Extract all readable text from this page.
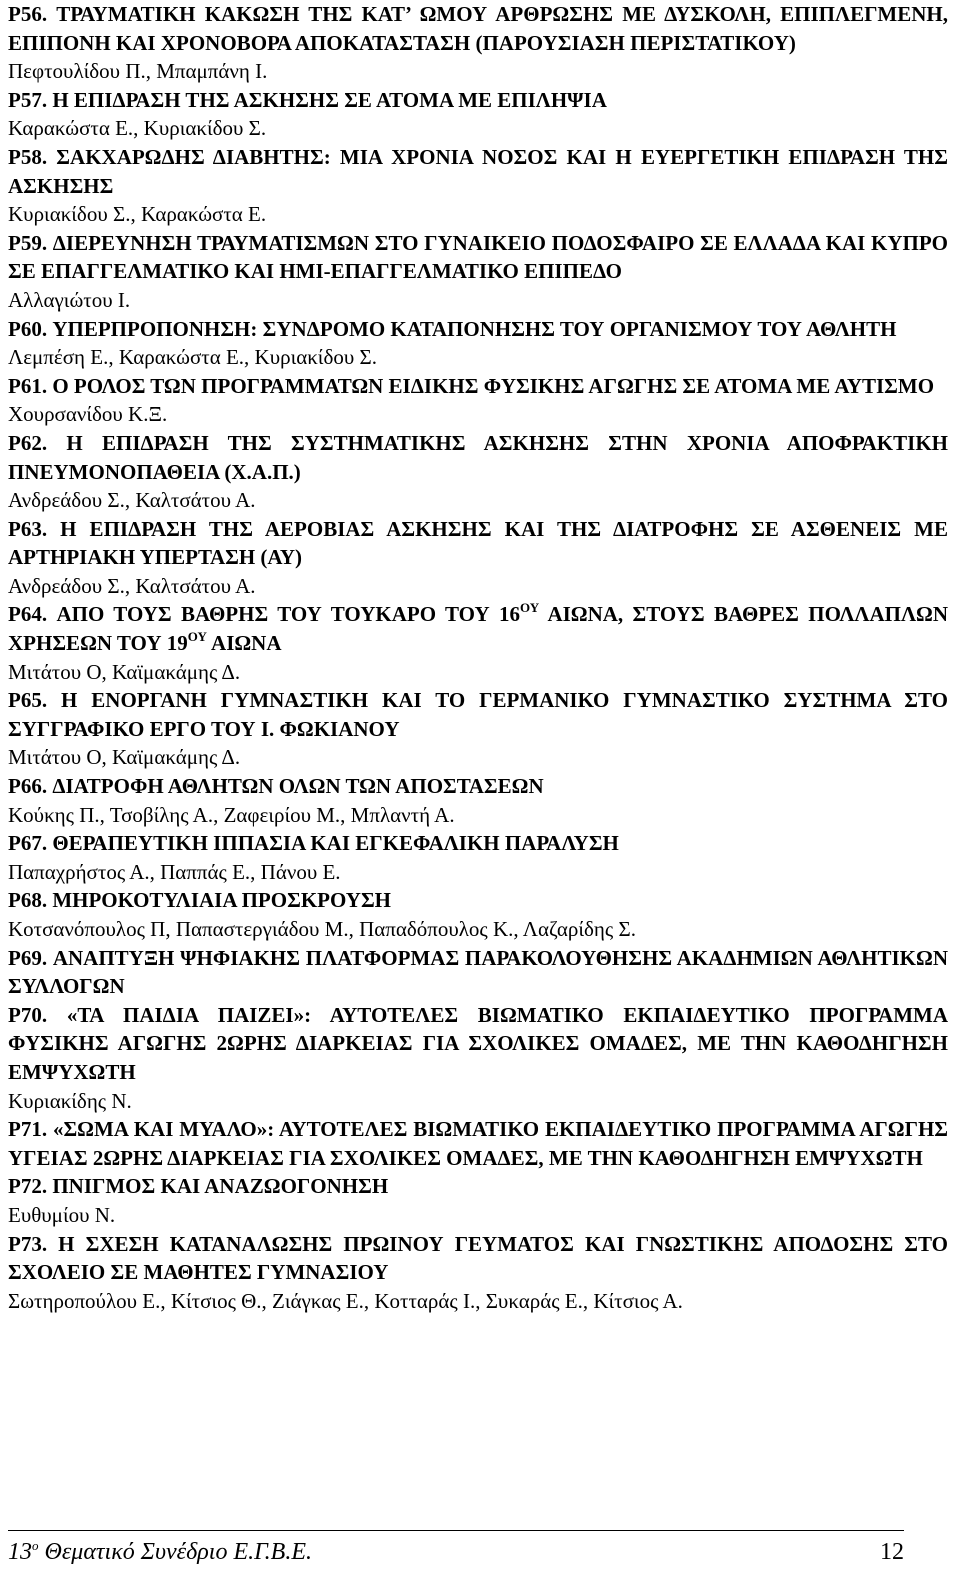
P56. ΤΡΑΥΜΑΤΙΚΗ ΚΑΚΩΣΗ ΤΗΣ ΚΑΤ’ ΩΜΟΥ ΑΡΘΡΩΣΗΣ ΜΕ ΔΥΣΚΟΛΗ, ΕΠΙΠΛΕΓΜΕΝΗ, ΕΠΙΠΟΝΗ ΚΑΙ ΧΡΟΝΟΒΟΡΑ ΑΠΟΚΑΤΑΣΤΑΣΗ (ΠΑΡΟΥΣΙΑΣΗ ΠΕΡΙΣΤΑΤΙΚΟΥ)

Πεφτουλίδου Π., Μπαμπάνη Ι.

P57. Η ΕΠΙΔΡΑΣΗ ΤΗΣ ΑΣΚΗΣΗΣ ΣΕ ΑΤΟΜΑ ΜΕ ΕΠΙΛΗΨΙΑ

Καρακώστα Ε., Κυριακίδου Σ.

P58. ΣΑΚΧΑΡΩΔΗΣ ΔΙΑΒΗΤΗΣ: ΜΙΑ ΧΡΟΝΙΑ ΝΟΣΟΣ ΚΑΙ Η ΕΥΕΡΓΕΤΙΚΗ ΕΠΙΔΡΑΣΗ ΤΗΣ ΑΣΚΗΣΗΣ

Κυριακίδου Σ., Καρακώστα Ε.

P59. ΔΙΕΡΕΥΝΗΣΗ ΤΡΑΥΜΑΤΙΣΜΩΝ ΣΤΟ ΓΥΝΑΙΚΕΙΟ ΠΟΔΟΣΦΑΙΡΟ ΣΕ ΕΛΛΑΔΑ ΚΑΙ ΚΥΠΡΟ ΣΕ ΕΠΑΓΓΕΛΜΑΤΙΚΟ ΚΑΙ ΗΜΙ-ΕΠΑΓΓΕΛΜΑΤΙΚΟ ΕΠΙΠΕΔΟ

Αλλαγιώτου Ι.

P60. ΥΠΕΡΠΡΟΠΟΝΗΣΗ: ΣΥΝΔΡΟΜΟ ΚΑΤΑΠΟΝΗΣΗΣ ΤΟΥ ΟΡΓΑΝΙΣΜΟΥ ΤΟΥ ΑΘΛΗΤΗ

Λεμπέση Ε., Καρακώστα Ε., Κυριακίδου Σ.

P61. Ο ΡΟΛΟΣ ΤΩΝ ΠΡΟΓΡΑΜΜΑΤΩΝ ΕΙΔΙΚΗΣ ΦΥΣΙΚΗΣ ΑΓΩΓΗΣ ΣΕ ΑΤΟΜΑ ΜΕ ΑΥΤΙΣΜΟ

Χουρσανίδου Κ.Ξ.

P62. Η ΕΠΙΔΡΑΣΗ ΤΗΣ ΣΥΣΤΗΜΑΤΙΚΗΣ ΑΣΚΗΣΗΣ ΣΤΗΝ ΧΡΟΝΙΑ ΑΠΟΦΡΑΚΤΙΚΗ ΠΝΕΥΜΟΝΟΠΑΘΕΙΑ (Χ.Α.Π.)

Ανδρεάδου Σ., Καλτσάτου Α.

P63. Η ΕΠΙΔΡΑΣΗ ΤΗΣ ΑΕΡΟΒΙΑΣ ΑΣΚΗΣΗΣ ΚΑΙ ΤΗΣ ΔΙΑΤΡΟΦΗΣ ΣΕ ΑΣΘΕΝΕΙΣ ΜΕ ΑΡΤΗΡΙΑΚΗ ΥΠΕΡΤΑΣΗ (ΑΥ)

Ανδρεάδου Σ., Καλτσάτου Α.

P64. ΑΠΟ ΤΟΥΣ ΒΑΘΡΗΣ ΤΟΥ ΤΟΥΚΑΡΟ ΤΟΥ $16^{O\Upsilon}$ ΑΙΩΝΑ, ΣΤΟΥΣ ΒΑΘΡΕΣ ΠΟΛΛΑΠΛΩΝ ΧΡΗΣΕΩΝ ΤΟΥ $19^{O\Upsilon}$ ΑΙΩΝΑ

Μιτάτου Ο, Καϊμακάμης Δ.

P65. Η ΕΝΟΡΓΑΝΗ ΓΥΜΝΑΣΤΙΚΗ ΚΑΙ ΤΟ ΓΕΡΜΑΝΙΚΟ ΓΥΜΝΑΣΤΙΚΟ ΣΥΣΤΗΜΑ ΣΤΟ ΣΥΓΓΡΑΦΙΚΟ ΕΡΓΟ ΤΟΥ Ι. ΦΩΚΙΑΝΟΥ

Μιτάτου Ο, Καϊμακάμης Δ.

P66. ΔΙΑΤΡΟΦΗ ΑΘΛΗΤΩΝ ΟΛΩΝ ΤΩΝ ΑΠΟΣΤΑΣΕΩΝ

Κούκης Π., Τσοβίλης Α., Ζαφειρίου Μ., Μπλαντή Α.

P67. ΘΕΡΑΠΕΥΤΙΚΗ ΙΠΠΑΣΙΑ ΚΑΙ ΕΓΚΕΦΑΛΙΚΗ ΠΑΡΑΛΥΣΗ

Παπαχρήστος Α., Παππάς Ε., Πάνου Ε.

P68. ΜΗΡΟΚΟΤΥΛΙΑΙΑ ΠΡΟΣΚΡΟΥΣΗ

Κοτσανόπουλος Π, Παπαστεργιάδου Μ., Παπαδόπουλος Κ., Λαζαρίδης Σ.

P69. ΑΝΑΠΤΥΞΗ ΨΗΦΙΑΚΗΣ ΠΛΑΤΦΟΡΜΑΣ ΠΑΡΑΚΟΛΟΥΘΗΣΗΣ ΑΚΑΔΗΜΙΩΝ ΑΘΛΗΤΙΚΩΝ ΣΥΛΛΟΓΩΝ

P70. «ΤΑ ΠΑΙΔΙΑ ΠΑΙΖΕΙ»: ΑΥΤΟΤΕΛΕΣ ΒΙΩΜΑΤΙΚΟ ΕΚΠΑΙΔΕΥΤΙΚΟ ΠΡΟΓΡΑΜΜΑ ΦΥΣΙΚΗΣ ΑΓΩΓΗΣ 2ΩΡΗΣ ΔΙΑΡΚΕΙΑΣ ΓΙΑ ΣΧΟΛΙΚΕΣ ΟΜΑΔΕΣ, ΜΕ ΤΗΝ ΚΑΘΟΔΗΓΗΣΗ ΕΜΨΥΧΩΤΗ

Κυριακίδης Ν.

P71. «ΣΩΜΑ ΚΑΙ ΜΥΑΛΟ»: ΑΥΤΟΤΕΛΕΣ ΒΙΩΜΑΤΙΚΟ ΕΚΠΑΙΔΕΥΤΙΚΟ ΠΡΟΓΡΑΜΜΑ ΑΓΩΓΗΣ ΥΓΕΙΑΣ 2ΩΡΗΣ ΔΙΑΡΚΕΙΑΣ ΓΙΑ ΣΧΟΛΙΚΕΣ ΟΜΑΔΕΣ, ΜΕ ΤΗΝ ΚΑΘΟΔΗΓΗΣΗ ΕΜΨΥΧΩΤΗ

P72. ΠΝΙΓΜΟΣ ΚΑΙ ΑΝΑΖΩΟΓΟΝΗΣΗ

Ευθυμίου Ν.

P73. Η ΣΧΕΣΗ ΚΑΤΑΝΑΛΩΣΗΣ ΠΡΩΙΝΟΥ ΓΕΥΜΑΤΟΣ ΚΑΙ ΓΝΩΣΤΙΚΗΣ ΑΠΟΔΟΣΗΣ ΣΤΟ ΣΧΟΛΕΙΟ ΣΕ ΜΑΘΗΤΕΣ ΓΥΜΝΑΣΙΟΥ

Σωτηροπούλου Ε., Κίτσιος Θ., Ζιάγκας Ε., Κοτταράς Ι., Συκαράς Ε., Κίτσιος Α.

$13^o$ Θεματικό Συνέδριο Ε.Γ.Β.Ε.	12
